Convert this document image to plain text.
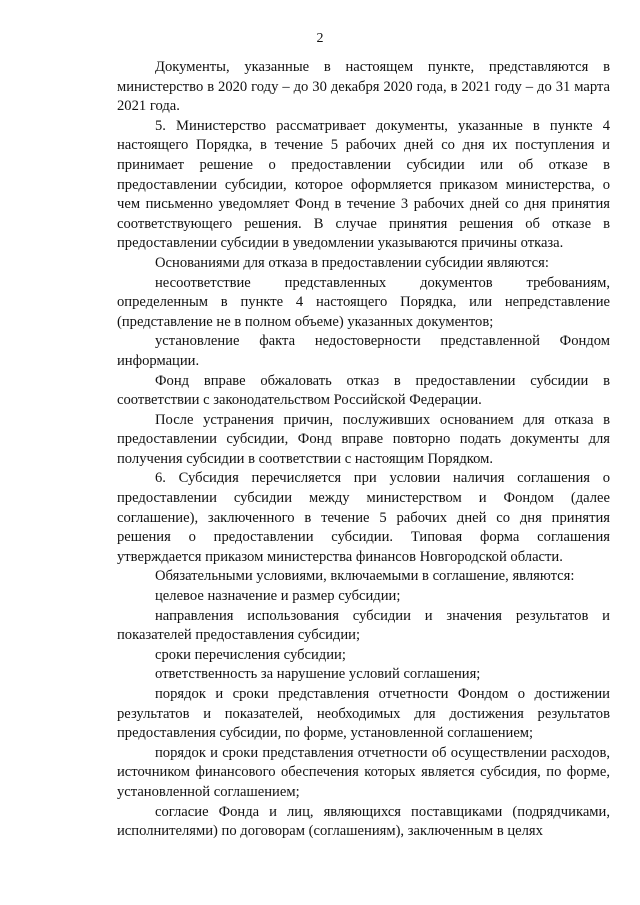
2

Документы, указанные в настоящем пункте, представляются в министерство в 2020 году – до 30 декабря 2020 года, в 2021 году – до 31 марта 2021 года.

5. Министерство рассматривает документы, указанные в пункте 4 настоящего Порядка, в течение 5 рабочих дней со дня их поступления и принимает решение о предоставлении субсидии или об отказе в предоставлении субсидии, которое оформляется приказом министерства, о чем письменно уведомляет Фонд в течение 3 рабочих дней со дня принятия соответствующего решения. В случае принятия решения об отказе в предоставлении субсидии в уведомлении указываются причины отказа.

Основаниями для отказа в предоставлении субсидии являются:

несоответствие представленных документов требованиям, определенным в пункте 4 настоящего Порядка, или непредставление (представление не в полном объеме) указанных документов;

установление факта недостоверности представленной Фондом информации.

Фонд вправе обжаловать отказ в предоставлении субсидии в соответствии с законодательством Российской Федерации.

После устранения причин, послуживших основанием для отказа в предоставлении субсидии, Фонд вправе повторно подать документы для получения субсидии в соответствии с настоящим Порядком.

6. Субсидия перечисляется при условии наличия соглашения о предоставлении субсидии между министерством и Фондом (далее соглашение), заключенного в течение 5 рабочих дней со дня принятия решения о предоставлении субсидии. Типовая форма соглашения утверждается приказом министерства финансов Новгородской области.

Обязательными условиями, включаемыми в соглашение, являются:

целевое назначение и размер субсидии;

направления использования субсидии и значения результатов и показателей предоставления субсидии;

сроки перечисления субсидии;

ответственность за нарушение условий соглашения;

порядок и сроки представления отчетности Фондом о достижении результатов и показателей, необходимых для достижения результатов предоставления субсидии, по форме, установленной соглашением;

порядок и сроки представления отчетности об осуществлении расходов, источником финансового обеспечения которых является субсидия, по форме, установленной соглашением;

согласие Фонда и лиц, являющихся поставщиками (подрядчиками, исполнителями) по договорам (соглашениям), заключенным в целях
